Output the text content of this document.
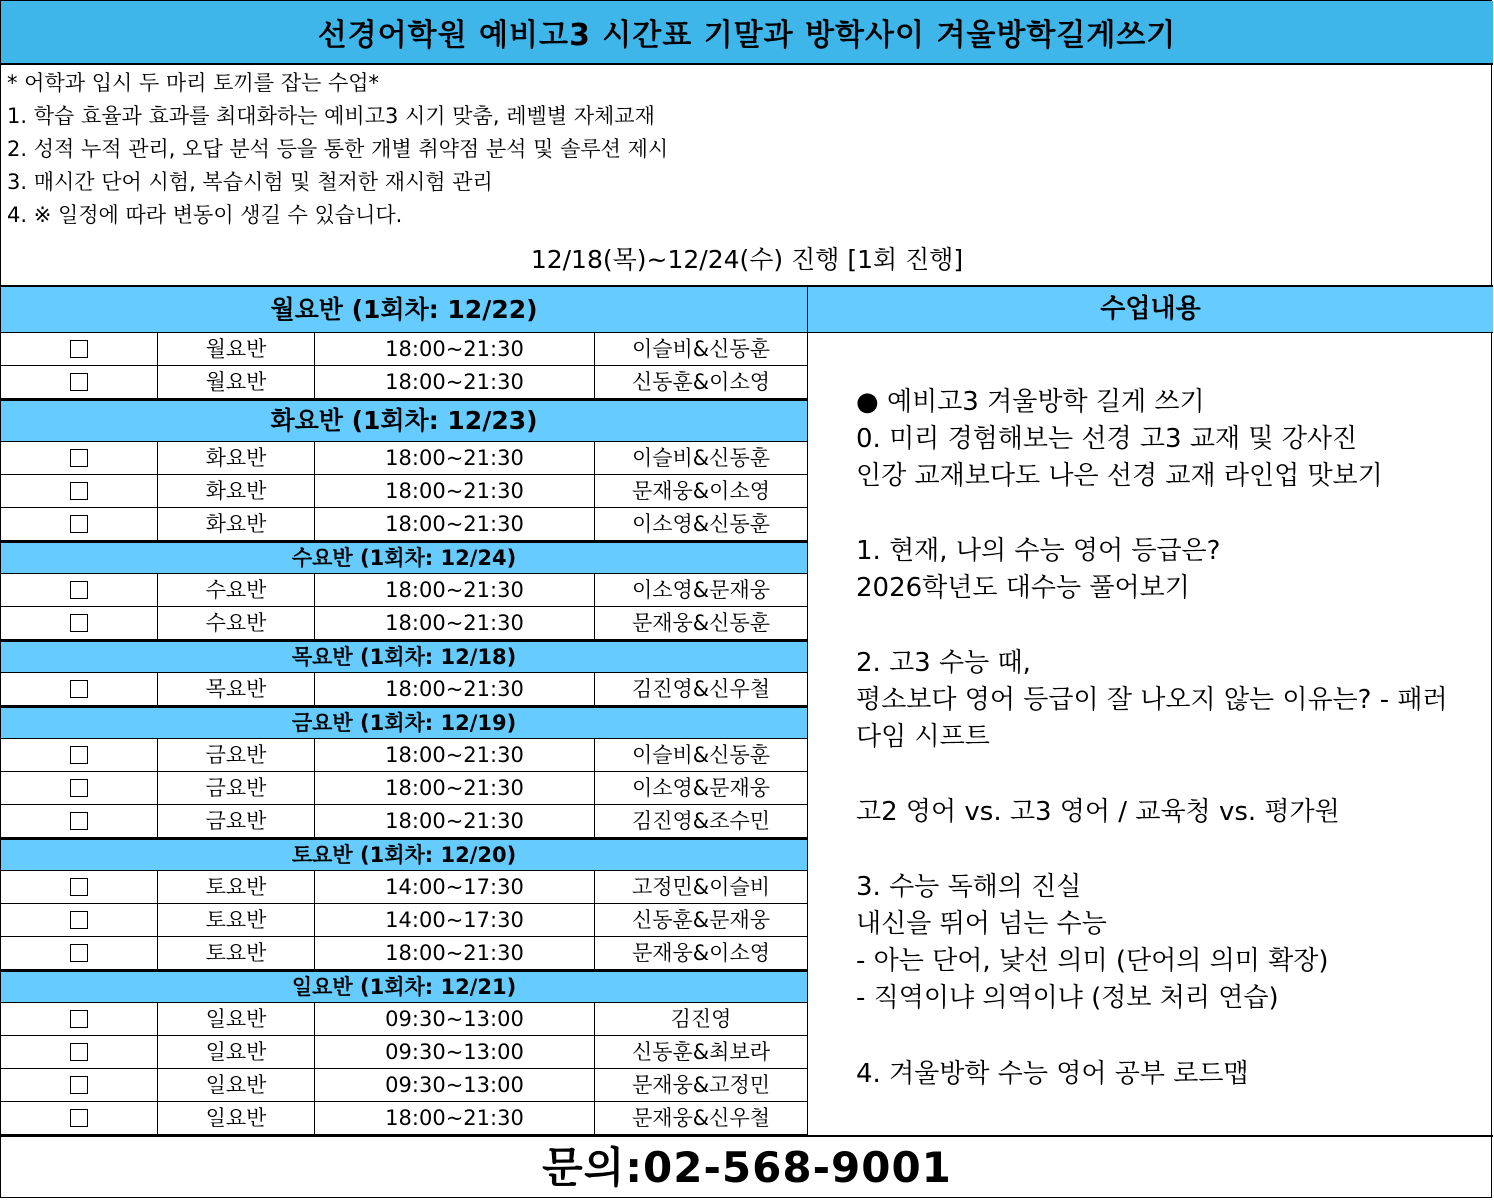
선경어학원 예비고3 시간표 기말과 방학사이 겨울방학길게쓰기
* 어학과 입시 두 마리 토끼를 잡는 수업*
1. 학습 효율과 효과를 최대화하는 예비고3 시기 맞춤, 레벨별 자체교재
2. 성적 누적 관리, 오답 분석 등을 통한 개별 취약점 분석 및 솔루션 제시
3. 매시간 단어 시험, 복습시험 및 철저한 재시험 관리
4. ※ 일정에 따라 변동이 생길 수 있습니다.
12/18(목)~12/24(수) 진행 [1회 진행]
월요반 (1회차: 12/22)
월요반	18:00~21:30	이슬비&신동훈
월요반	18:00~21:30	신동훈&이소영
화요반 (1회차: 12/23)
화요반	18:00~21:30	이슬비&신동훈
화요반	18:00~21:30	문재웅&이소영
화요반	18:00~21:30	이소영&신동훈
수요반 (1회차: 12/24)
수요반	18:00~21:30	이소영&문재웅
수요반	18:00~21:30	문재웅&신동훈
목요반 (1회차: 12/18)
목요반	18:00~21:30	김진영&신우철
금요반 (1회차: 12/19)
금요반	18:00~21:30	이슬비&신동훈
금요반	18:00~21:30	이소영&문재웅
금요반	18:00~21:30	김진영&조수민
토요반 (1회차: 12/20)
토요반	14:00~17:30	고정민&이슬비
토요반	14:00~17:30	신동훈&문재웅
토요반	18:00~21:30	문재웅&이소영
일요반 (1회차: 12/21)
일요반	09:30~13:00	김진영
일요반	09:30~13:00	신동훈&최보라
일요반	09:30~13:00	문재웅&고정민
일요반	18:00~21:30	문재웅&신우철
수업내용
● 예비고3 겨울방학 길게 쓰기
0. 미리 경험해보는 선경 고3 교재 및 강사진
인강 교재보다도 나은 선경 교재 라인업 맛보기
1. 현재, 나의 수능 영어 등급은?
2026학년도 대수능 풀어보기
2. 고3 수능 때,
평소보다 영어 등급이 잘 나오지 않는 이유는? - 패러
다임 시프트
고2 영어 vs. 고3 영어 / 교육청 vs. 평가원
3. 수능 독해의 진실
내신을 뛰어 넘는 수능
- 아는 단어, 낯선 의미 (단어의 의미 확장)
- 직역이냐 의역이냐 (정보 처리 연습)
4. 겨울방학 수능 영어 공부 로드맵
문의:02-568-9001
